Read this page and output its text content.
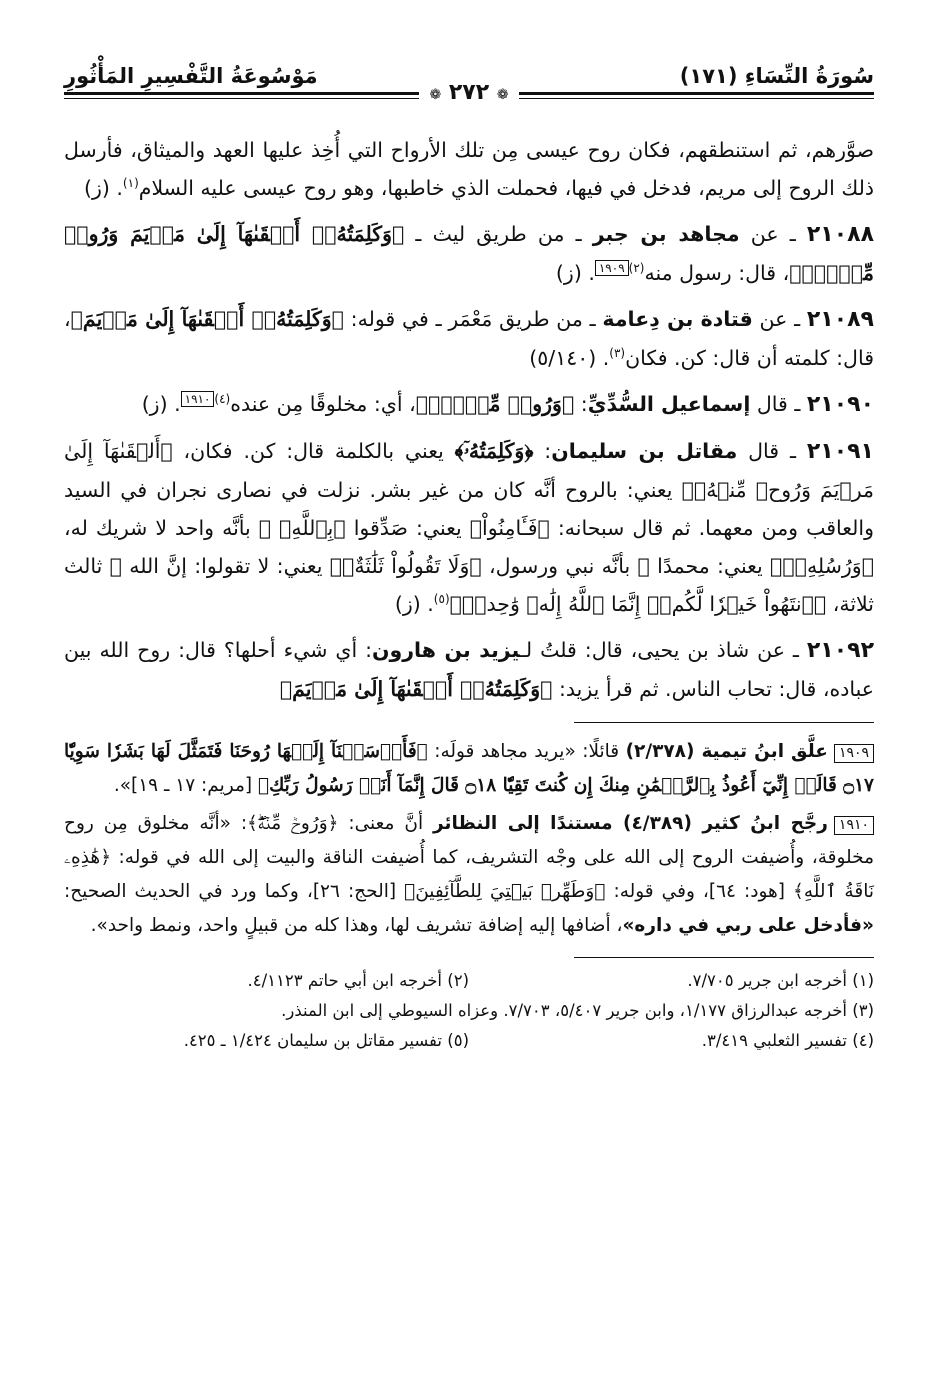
سُورَةُ النِّسَاءِ (١٧١)
مَوْسُوعَةُ التَّفْسِيرِ المَأْثُورِ
❁ ٢٧٢ ❁

صوَّرهم، ثم استنطقهم، فكان روح عيسى مِن تلك الأرواح التي أُخِذ عليها العهد والميثاق، فأرسل ذلك الروح إلى مريم، فدخل في فيها، فحملت الذي خاطبها، وهو روح عيسى عليه السلام$^{(١)}$. (ز)

٢١٠٨٨ ـ عن مجاهد بن جبر ـ من طريق ليث ـ ﴿وَكَلِمَتُهُۥٓ أَلۡقَىٰهَآ إِلَىٰ مَرۡيَمَ وَرُوحٞ مِّنۡهُۖ﴾، قال: رسول منه$^{(٢)}$١٩٠٩. (ز)

٢١٠٨٩ ـ عن قتادة بن دِعامة ـ من طريق مَعْمَر ـ في قوله: ﴿وَكَلِمَتُهُۥٓ أَلۡقَىٰهَآ إِلَىٰ مَرۡيَمَ﴾، قال: كلمته أن قال: كن. فكان$^{(٣)}$. (٥/١٤٠)

٢١٠٩٠ ـ قال إسماعيل السُّدِّيِّ: ﴿وَرُوحٞ مِّنۡهُۖ﴾، أي: مخلوقًا مِن عنده$^{(٤)}$١٩١٠. (ز)

٢١٠٩١ ـ قال مقاتل بن سليمان: ﴿وَكَلِمَتُهُۥٓ﴾ يعني بالكلمة قال: كن. فكان، ﴿أَلۡقَىٰهَآ إِلَىٰ مَرۡيَمَ وَرُوحٞ مِّنۡهُۖ﴾ يعني: بالروح أنَّه كان من غير بشر. نزلت في نصارى نجران في السيد والعاقب ومن معهما. ثم قال سبحانه: ﴿فَـَٔامِنُواْ﴾ يعني: صَدِّقوا ﴿بِٱللَّهِ﴾ ﷻ بأنَّه واحد لا شريك له، ﴿وَرُسُلِهِۦۖ﴾ يعني: محمدًا ﷺ بأنَّه نبي ورسول، ﴿وَلَا تَقُولُواْ ثَلَٰثَةٌۚ﴾ يعني: لا تقولوا: إنَّ الله ﷻ ثالث ثلاثة، ﴿ٱنتَهُواْ خَيۡرٗا لَّكُمۡۚ إِنَّمَا ٱللَّهُ إِلَٰهٞ وَٰحِدٞۖ﴾$^{(٥)}$. (ز)

٢١٠٩٢ ـ عن شاذ بن يحيى، قال: قلتُ لـيزيد بن هارون: أي شيء أحلها؟ قال: روح الله بين عباده، قال: تحاب الناس. ثم قرأ يزيد: ﴿وَكَلِمَتُهُۥٓ أَلۡقَىٰهَآ إِلَىٰ مَرۡيَمَ﴾

١٩٠٩علَّق ابنُ تيمية (٢/٣٧٨) قائلًا: «يريد مجاهد قولَه: ﴿فَأَرۡسَلۡنَآ إِلَيۡهَا رُوحَنَا فَتَمَثَّلَ لَهَا بَشَرٗا سَوِيّٗا ۝١٧ قَالَتۡ إِنِّيٓ أَعُوذُ بِٱلرَّحۡمَٰنِ مِنكَ إِن كُنتَ تَقِيّٗا ۝١٨ قَالَ إِنَّمَآ أَنَا۠ رَسُولُ رَبِّكِ﴾ [مريم: ١٧ ـ ١٩]».

١٩١٠رجَّح ابنُ كثير (٤/٣٨٩) مستندًا إلى النظائر أنَّ معنى: ﴿وَرُوحٞ مِّنۡهُۖ﴾: «أنَّه مخلوق مِن روح مخلوقة، وأُضيفت الروح إلى الله على وجْه التشريف، كما أُضيفت الناقة والبيت إلى الله في قوله: ﴿هَٰذِهِۦ نَاقَةُ ٱللَّهِ﴾ [هود: ٦٤]، وفي قوله: ﴿وَطَهِّرۡ بَيۡتِيَ لِلطَّآئِفِينَ﴾ [الحج: ٢٦]، وكما ورد في الحديث الصحيح: «فأدخل على ربي في داره»، أضافها إليه إضافة تشريف لها، وهذا كله من قبيلٍ واحد، ونمط واحد».

(١) أخرجه ابن جرير ٧/٧٠٥.
(٢) أخرجه ابن أبي حاتم ٤/١١٢٣.
(٣) أخرجه عبدالرزاق ١/١٧٧، وابن جرير ٥/٤٠٧، ٧/٧٠٣. وعزاه السيوطي إلى ابن المنذر.
(٤) تفسير الثعلبي ٣/٤١٩.
(٥) تفسير مقاتل بن سليمان ١/٤٢٤ ـ ٤٢٥.
